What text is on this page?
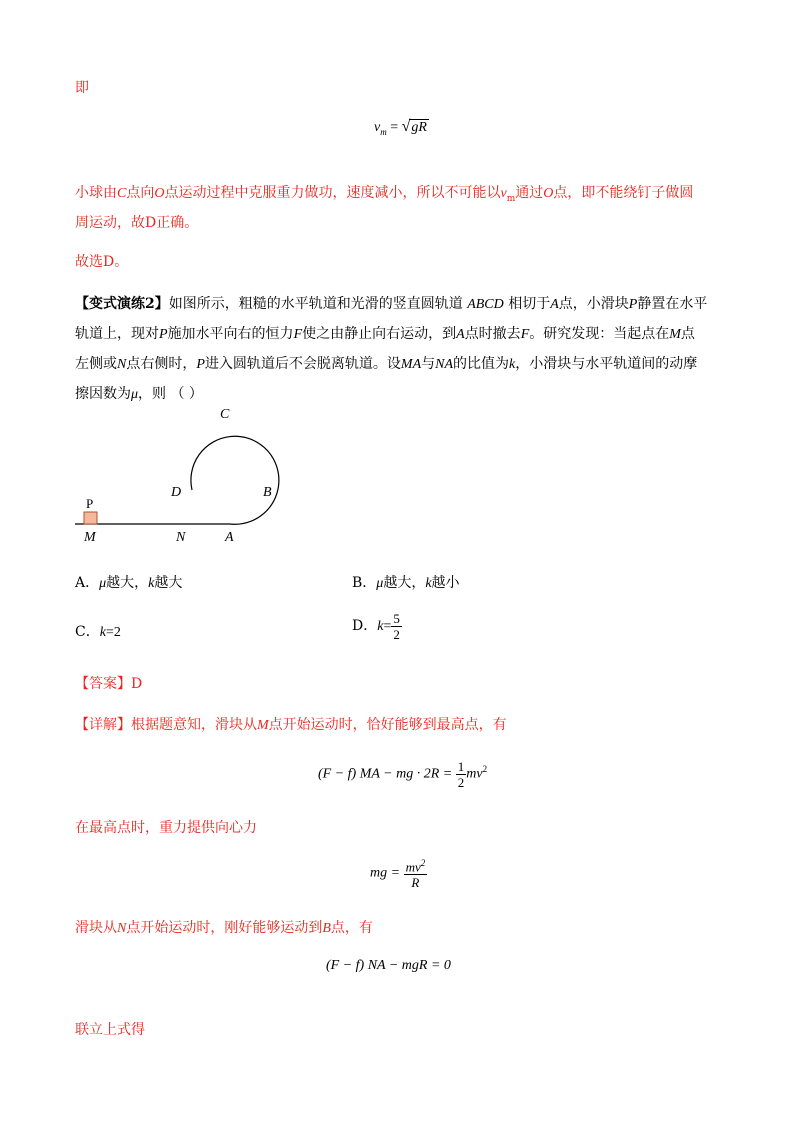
即
$v_m = √gR$
小球由C点向O点运动过程中克服重力做功，速度减小，所以不可能以$v_m$通过O点，即不能绕钉子做圆
周运动，故D正确。
故选D。
【变式演练2】如图所示，粗糙的水平轨道和光滑的竖直圆轨道 ABCD 相切于A点，小滑块P静置在水平
轨道上，现对P施加水平向右的恒力F使之由静止向右运动，到A点时撤去F。研究发现：当起点在M点
左侧或N点右侧时，P进入圆轨道后不会脱离轨道。设MA与NA的比值为k，小滑块与水平轨道间的动摩
擦因数为μ，则 （ ）
C
D	B
P
M	N	A
A．μ越大，k越大	B．μ越大，k越小
C．k=2	D．$k= \frac{5}{2}$
【答案】D
【详解】根据题意知，滑块从M点开始运动时，恰好能够到最高点，有
(F − f) MA − mg · $2R = \frac{1}{2} mv^2$
在最高点时，重力提供向心力
mg = $\frac{mv^2}{R}$
滑块从N点开始运动时，刚好能够运动到B点，有
(F − f) NA − mgR = 0
联立上式得
